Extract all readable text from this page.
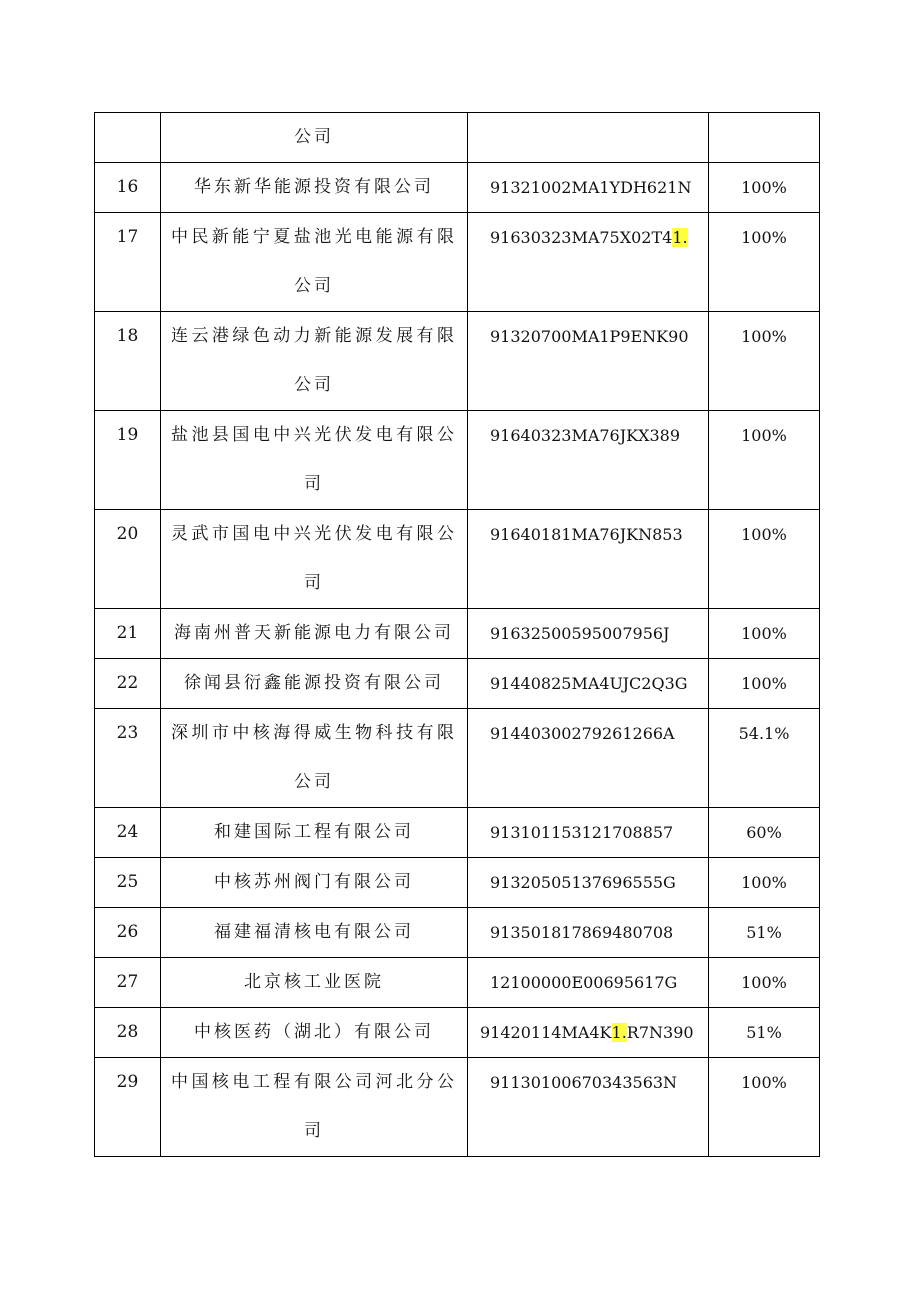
	公司		
16	华东新华能源投资有限公司	91321002MA1YDH621N	100%
17	中民新能宁夏盐池光电能源有限公司	91630323MA75X02T41.	100%
18	连云港绿色动力新能源发展有限公司	91320700MA1P9ENK90	100%
19	盐池县国电中兴光伏发电有限公司	91640323MA76JKX389	100%
20	灵武市国电中兴光伏发电有限公司	91640181MA76JKN853	100%
21	海南州普天新能源电力有限公司	91632500595007956J	100%
22	徐闻县衍鑫能源投资有限公司	91440825MA4UJC2Q3G	100%
23	深圳市中核海得威生物科技有限公司	91440300279261266A	54.1%
24	和建国际工程有限公司	913101153121708857	60%
25	中核苏州阀门有限公司	91320505137696555G	100%
26	福建福清核电有限公司	913501817869480708	51%
27	北京核工业医院	12100000E00695617G	100%
28	中核医药（湖北）有限公司	91420114MA4K1.R7N390	51%
29	中国核电工程有限公司河北分公司	91130100670343563N	100%
